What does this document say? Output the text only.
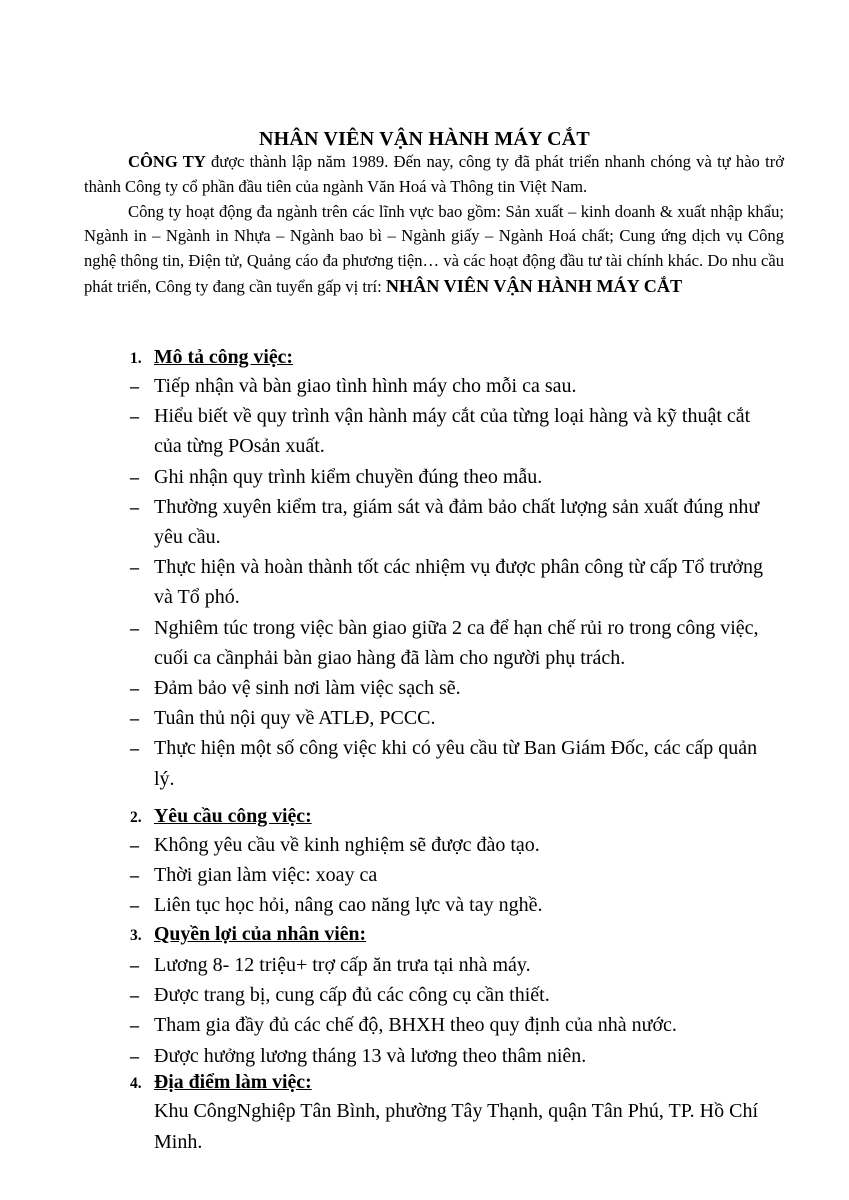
NHÂN VIÊN VẬN HÀNH MÁY CẮT

CÔNG TY được thành lập năm 1989. Đến nay, công ty đã phát triển nhanh chóng và tự hào trở thành Công ty cổ phần đầu tiên của ngành Văn Hoá và Thông tin Việt Nam.

Công ty hoạt động đa ngành trên các lĩnh vực bao gồm: Sản xuất – kinh doanh & xuất nhập khẩu; Ngành in – Ngành in Nhựa – Ngành bao bì – Ngành giấy – Ngành Hoá chất; Cung ứng dịch vụ Công nghệ thông tin, Điện tử, Quảng cáo đa phương tiện… và các hoạt động đầu tư tài chính khác. Do nhu cầu phát triển, Công ty đang cần tuyển gấp vị trí: NHÂN VIÊN VẬN HÀNH MÁY CẮT

1. Mô tả công việc:
– Tiếp nhận và bàn giao tình hình máy cho mỗi ca sau.
– Hiểu biết về quy trình vận hành máy cắt của từng loại hàng và kỹ thuật cắt của từng POsản xuất.
– Ghi nhận quy trình kiểm chuyền đúng theo mẫu.
– Thường xuyên kiểm tra, giám sát và đảm bảo chất lượng sản xuất đúng như yêu cầu.
– Thực hiện và hoàn thành tốt các nhiệm vụ được phân công từ cấp Tổ trưởng và Tổ phó.
– Nghiêm túc trong việc bàn giao giữa 2 ca để hạn chế rủi ro trong công việc, cuối ca cầnphải bàn giao hàng đã làm cho người phụ trách.
– Đảm bảo vệ sinh nơi làm việc sạch sẽ.
– Tuân thủ nội quy về ATLĐ, PCCC.
– Thực hiện một số công việc khi có yêu cầu từ Ban Giám Đốc, các cấp quản lý.
2. Yêu cầu công việc:
– Không yêu cầu về kinh nghiệm sẽ được đào tạo.
– Thời gian làm việc: xoay ca
– Liên tục học hỏi, nâng cao năng lực và tay nghề.
3. Quyền lợi của nhân viên:
– Lương 8- 12 triệu+ trợ cấp ăn trưa tại nhà máy.
– Được trang bị, cung cấp đủ các công cụ cần thiết.
– Tham gia đầy đủ các chế độ, BHXH theo quy định của nhà nước.
– Được hưởng lương tháng 13 và lương theo thâm niên.
4. Địa điểm làm việc:
Khu CôngNghiệp Tân Bình, phường Tây Thạnh, quận Tân Phú, TP. Hồ Chí Minh.
